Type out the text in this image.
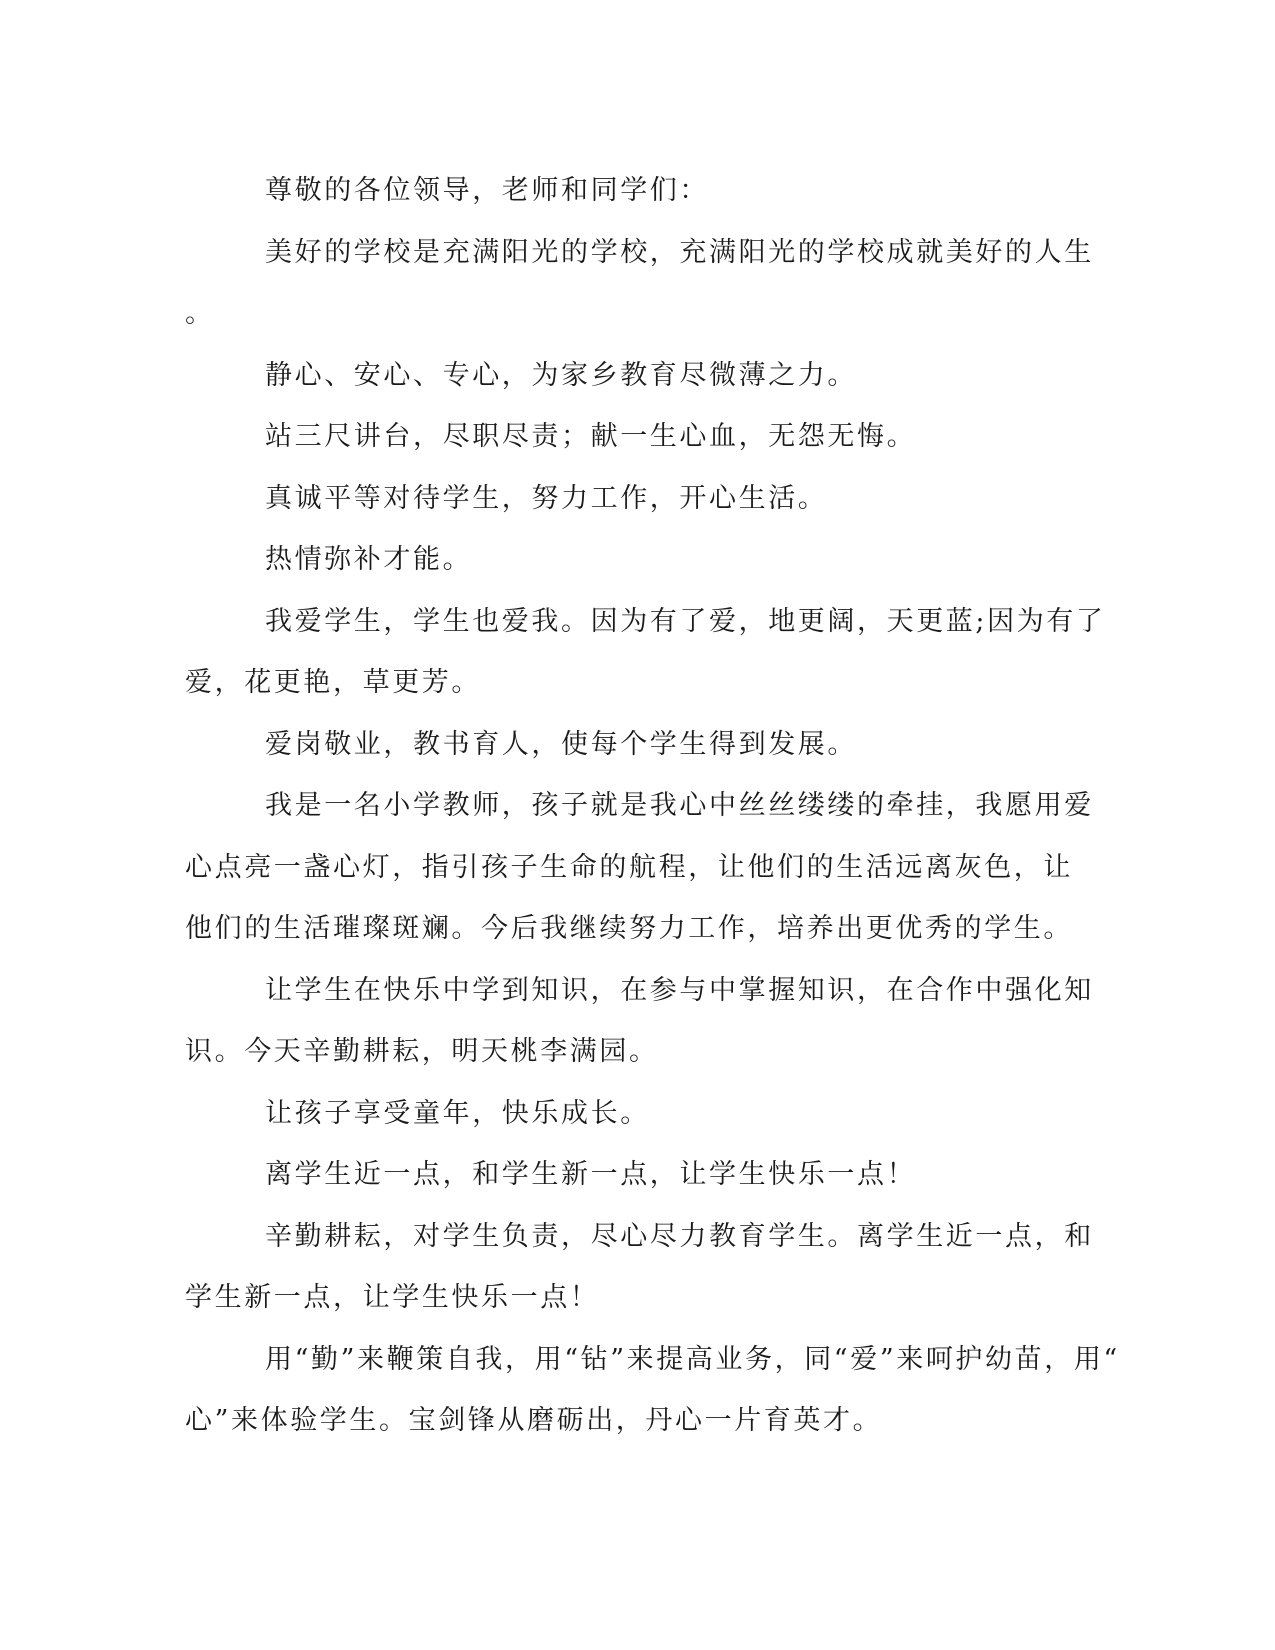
尊敬的各位领导，老师和同学们：

美好的学校是充满阳光的学校，充满阳光的学校成就美好的人生

。

静心、安心、专心，为家乡教育尽微薄之力。

站三尺讲台，尽职尽责；献一生心血，无怨无悔。

真诚平等对待学生，努力工作，开心生活。

热情弥补才能。

我爱学生，学生也爱我。因为有了爱，地更阔，天更蓝;因为有了

爱，花更艳，草更芳。

爱岗敬业，教书育人，使每个学生得到发展。

我是一名小学教师，孩子就是我心中丝丝缕缕的牵挂，我愿用爱

心点亮一盏心灯，指引孩子生命的航程，让他们的生活远离灰色，让

他们的生活璀璨斑斓。今后我继续努力工作，培养出更优秀的学生。

让学生在快乐中学到知识，在参与中掌握知识，在合作中强化知

识。今天辛勤耕耘，明天桃李满园。

让孩子享受童年，快乐成长。

离学生近一点，和学生新一点，让学生快乐一点！

辛勤耕耘，对学生负责，尽心尽力教育学生。离学生近一点，和

学生新一点，让学生快乐一点！

用“勤”来鞭策自我，用“钻”来提高业务，同“爱”来呵护幼苗，用“

心”来体验学生。宝剑锋从磨砺出，丹心一片育英才。
